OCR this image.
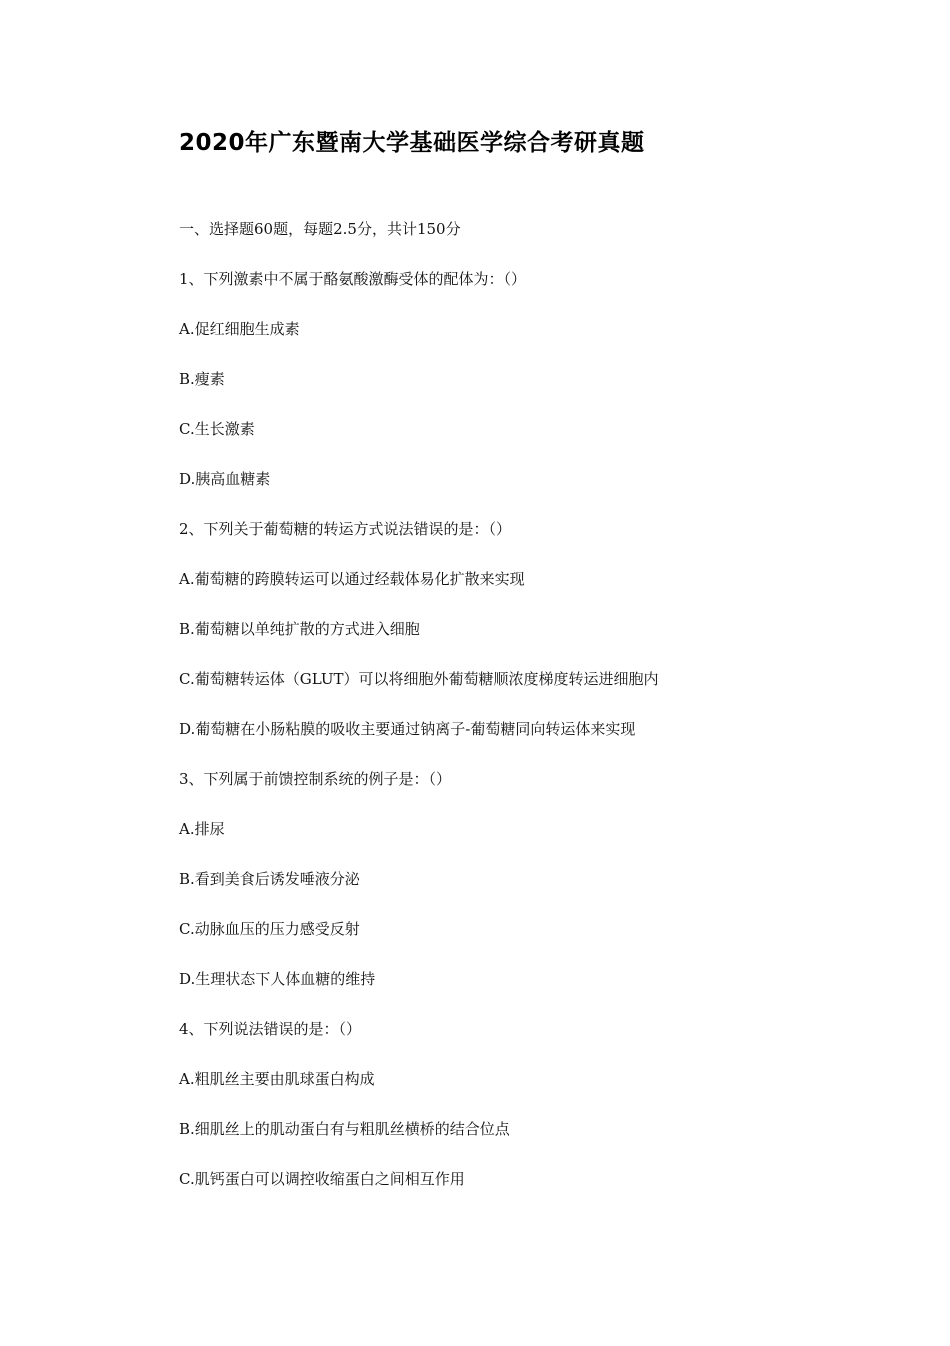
2020年广东暨南大学基础医学综合考研真题
一、选择题60题，每题2.5分，共计150分
1、下列激素中不属于酪氨酸激酶受体的配体为：（）
A.促红细胞生成素
B.瘦素
C.生长激素
D.胰高血糖素
2、下列关于葡萄糖的转运方式说法错误的是：（）
A.葡萄糖的跨膜转运可以通过经载体易化扩散来实现
B.葡萄糖以单纯扩散的方式进入细胞
C.葡萄糖转运体（GLUT）可以将细胞外葡萄糖顺浓度梯度转运进细胞内
D.葡萄糖在小肠粘膜的吸收主要通过钠离子-葡萄糖同向转运体来实现
3、下列属于前馈控制系统的例子是：（）
A.排尿
B.看到美食后诱发唾液分泌
C.动脉血压的压力感受反射
D.生理状态下人体血糖的维持
4、下列说法错误的是：（）
A.粗肌丝主要由肌球蛋白构成
B.细肌丝上的肌动蛋白有与粗肌丝横桥的结合位点
C.肌钙蛋白可以调控收缩蛋白之间相互作用
